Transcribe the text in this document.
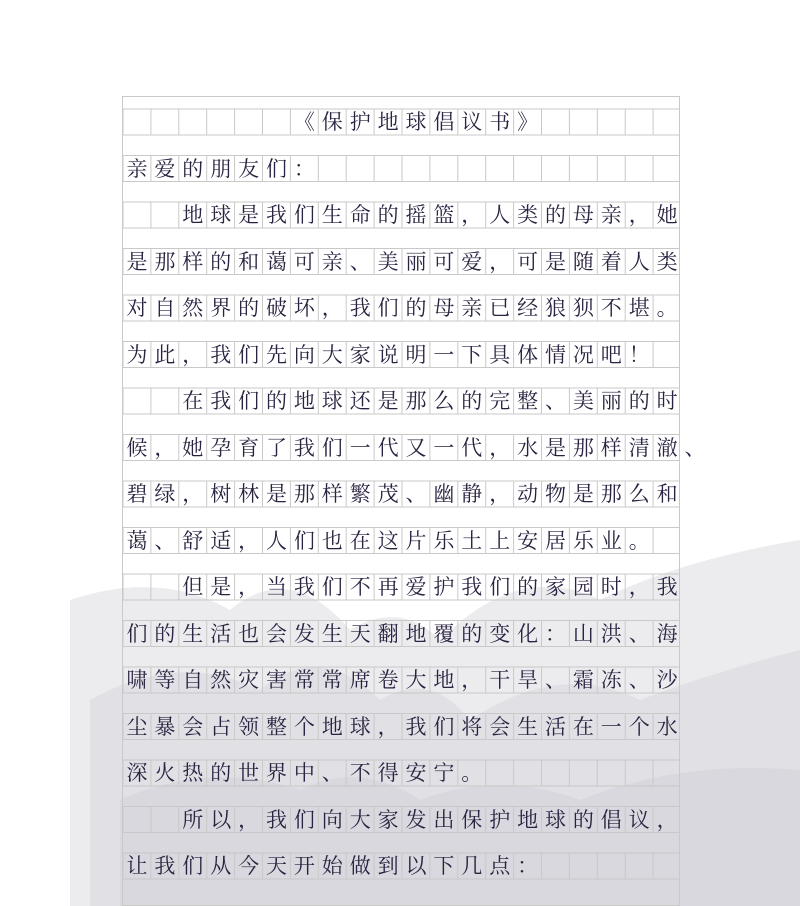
《 保 护 地 球 倡 议 书 》
亲 爱 的 朋 友 们 ：
地 球 是 我 们 生 命 的 摇 篮 ， 人 类 的 母 亲 ， 她
是 那 样 的 和 蔼 可 亲 、 美 丽 可 爱 ， 可 是 随 着 人 类
对 自 然 界 的 破 坏 ， 我 们 的 母 亲 已 经 狼 狈 不 堪 。
为 此 ， 我 们 先 向 大 家 说 明 一 下 具 体 情 况 吧 ！
在 我 们 的 地 球 还 是 那 么 的 完 整 、 美 丽 的 时
候 ， 她 孕 育 了 我 们 一 代 又 一 代 ， 水 是 那 样 清 澈 、
碧 绿 ， 树 林 是 那 样 繁 茂 、 幽 静 ， 动 物 是 那 么 和
蔼 、 舒 适 ， 人 们 也 在 这 片 乐 土 上 安 居 乐 业 。
但 是 ， 当 我 们 不 再 爱 护 我 们 的 家 园 时 ， 我
们 的 生 活 也 会 发 生 天 翻 地 覆 的 变 化 ： 山 洪 、 海
啸 等 自 然 灾 害 常 常 席 卷 大 地 ， 干 旱 、 霜 冻 、 沙
尘 暴 会 占 领 整 个 地 球 ， 我 们 将 会 生 活 在 一 个 水
深 火 热 的 世 界 中 、 不 得 安 宁 。
所 以 ， 我 们 向 大 家 发 出 保 护 地 球 的 倡 议 ，
让 我 们 从 今 天 开 始 做 到 以 下 几 点 ：
